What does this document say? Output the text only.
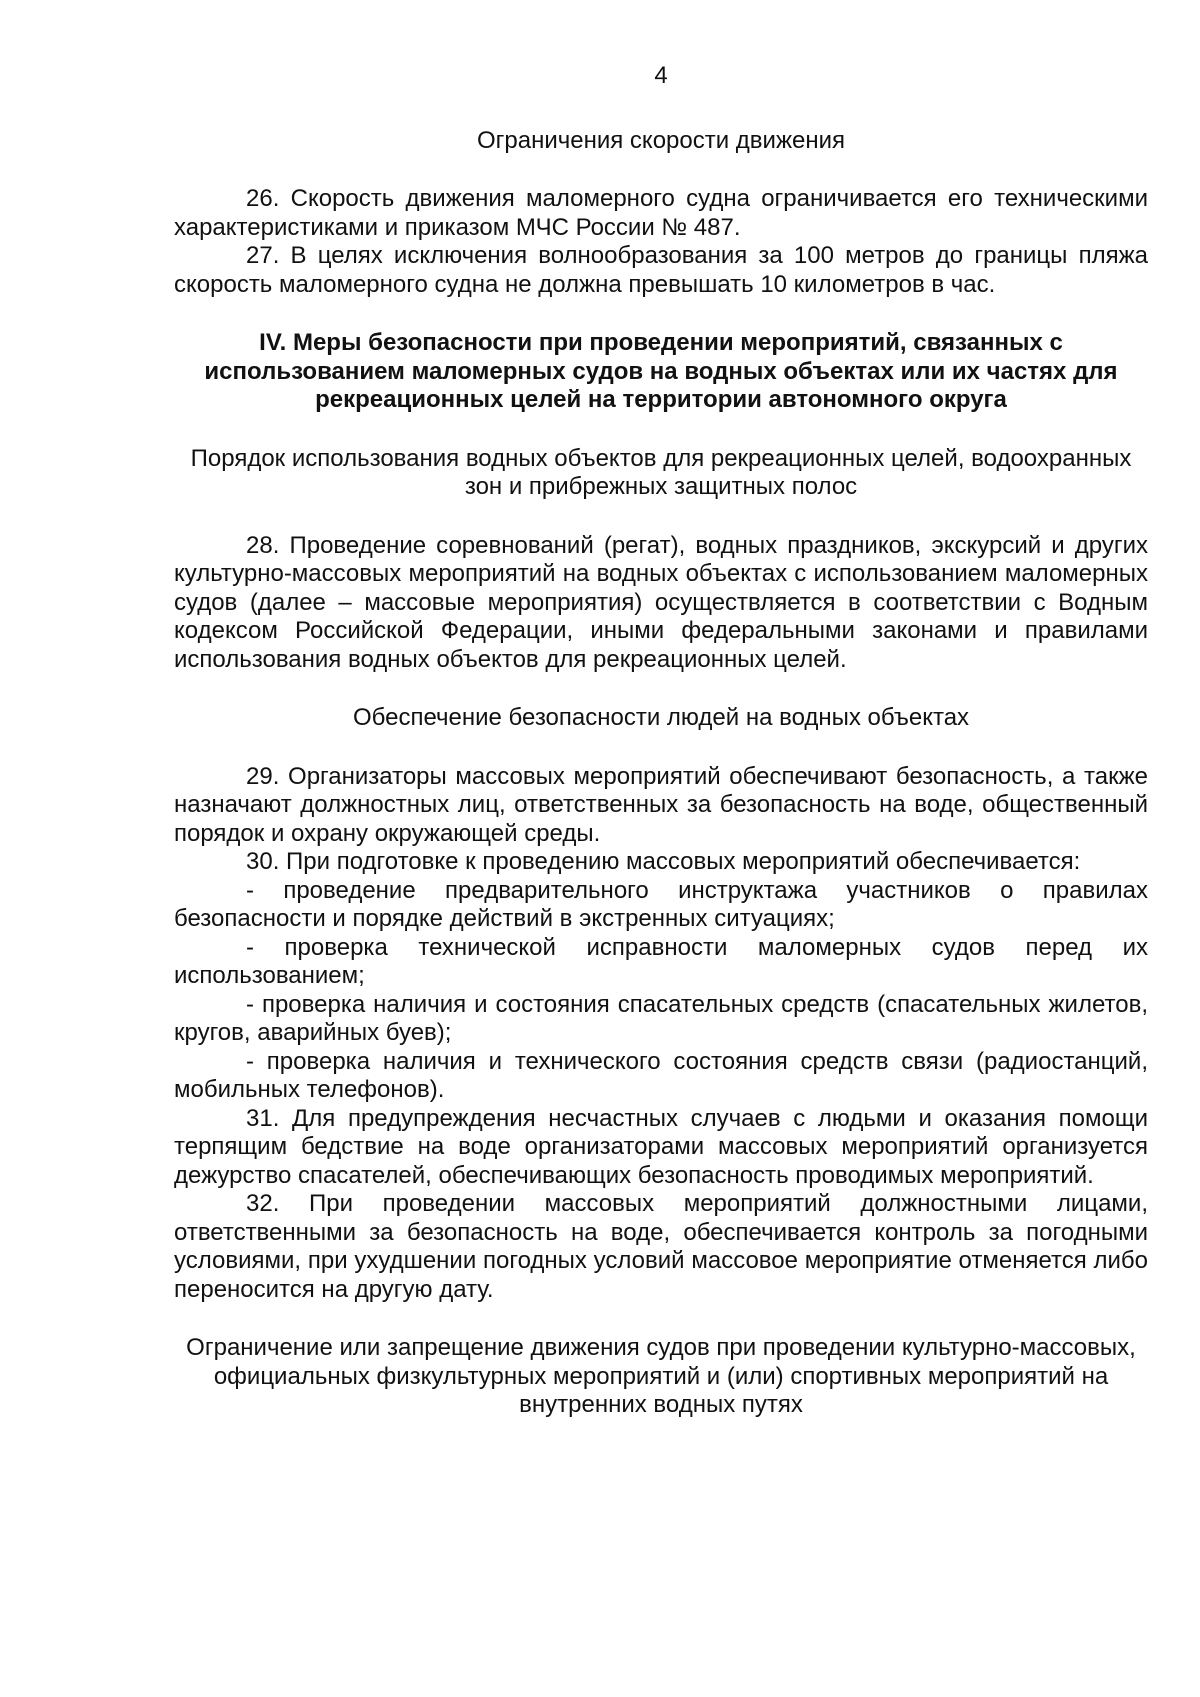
4
Ограничения скорости движения

26. Скорость движения маломерного судна ограничивается его техническими характеристиками и приказом МЧС России № 487.

27. В целях исключения волнообразования за 100 метров до границы пляжа скорость маломерного судна не должна превышать 10 километров в час.

IV. Меры безопасности при проведении мероприятий, связанных с использованием маломерных судов на водных объектах или их частях для рекреационных целей на территории автономного округа
Порядок использования водных объектов для рекреационных целей, водоохранных зон и прибрежных защитных полос

28. Проведение соревнований (регат), водных праздников, экскурсий и других культурно-массовых мероприятий на водных объектах с использованием маломерных судов (далее – массовые мероприятия) осуществляется в соответствии с Водным кодексом Российской Федерации, иными федеральными законами и правилами использования водных объектов для рекреационных целей.

Обеспечение безопасности людей на водных объектах

29. Организаторы массовых мероприятий обеспечивают безопасность, а также назначают должностных лиц, ответственных за безопасность на воде, общественный порядок и охрану окружающей среды.

30. При подготовке к проведению массовых мероприятий обеспечивается:

- проведение предварительного инструктажа участников о правилах безопасности и порядке действий в экстренных ситуациях;

- проверка технической исправности маломерных судов перед их использованием;

- проверка наличия и состояния спасательных средств (спасательных жилетов, кругов, аварийных буев);

- проверка наличия и технического состояния средств связи (радиостанций, мобильных телефонов).

31. Для предупреждения несчастных случаев с людьми и оказания помощи терпящим бедствие на воде организаторами массовых мероприятий организуется дежурство спасателей, обеспечивающих безопасность проводимых мероприятий.

32. При проведении массовых мероприятий должностными лицами, ответственными за безопасность на воде, обеспечивается контроль за погодными условиями, при ухудшении погодных условий массовое мероприятие отменяется либо переносится на другую дату.

Ограничение или запрещение движения судов при проведении культурно-массовых, официальных физкультурных мероприятий и (или) спортивных мероприятий на внутренних водных путях
